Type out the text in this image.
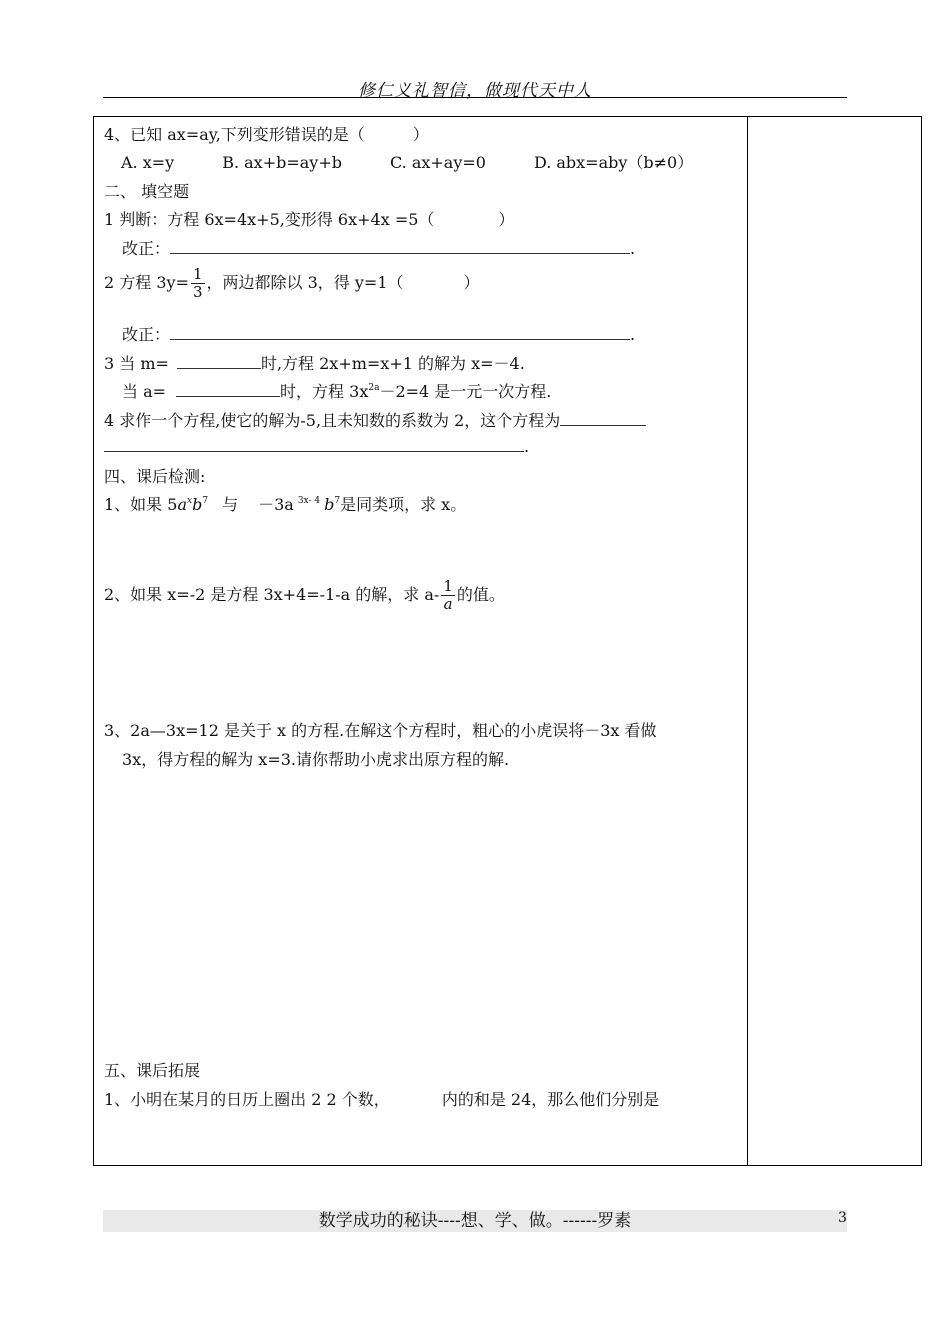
修仁义礼智信，做现代天中人
4、已知 ax=ay,下列变形错误的是（　　　）
A. x=y　　　B. ax+b=ay+b　　　C. ax+ay=0　　　D. abx=aby（b≠0）
二、 填空题
1 判断：方程 6x=4x+5,变形得 6x+4x =5（	）
改正：	.
2 方程 $3y= \frac{1}{3}$ ，两边都除以 3，得 y=1（	）
改正：	.
3 当 m=	时,方程 2x+m=x+1 的解为 x=－4.
当 a=	时，方程 $3x^{2a}-2=4$ 是一元一次方程.
4 求作一个方程,使它的解为-5,且未知数的系数为 2，这个方程为
.
四、课后检测:
1、如果 $5a^xb^7$ 与 －3a $^{3x- 4}$ $b^7$是同类项，求 x。
2、如果 x=-2 是方程 3x+4=-1-a 的解，求 $a- \frac{1}{a}$ 的值。
3、2a—3x=12 是关于 x 的方程.在解这个方程时，粗心的小虎误将－3x 看做
3x，得方程的解为 x=3.请你帮助小虎求出原方程的解.
五、课后拓展
1、小明在某月的日历上圈出 2 2 个数，	内的和是 24，那么他们分别是
数学成功的秘诀----想、学、做。------罗素	3
